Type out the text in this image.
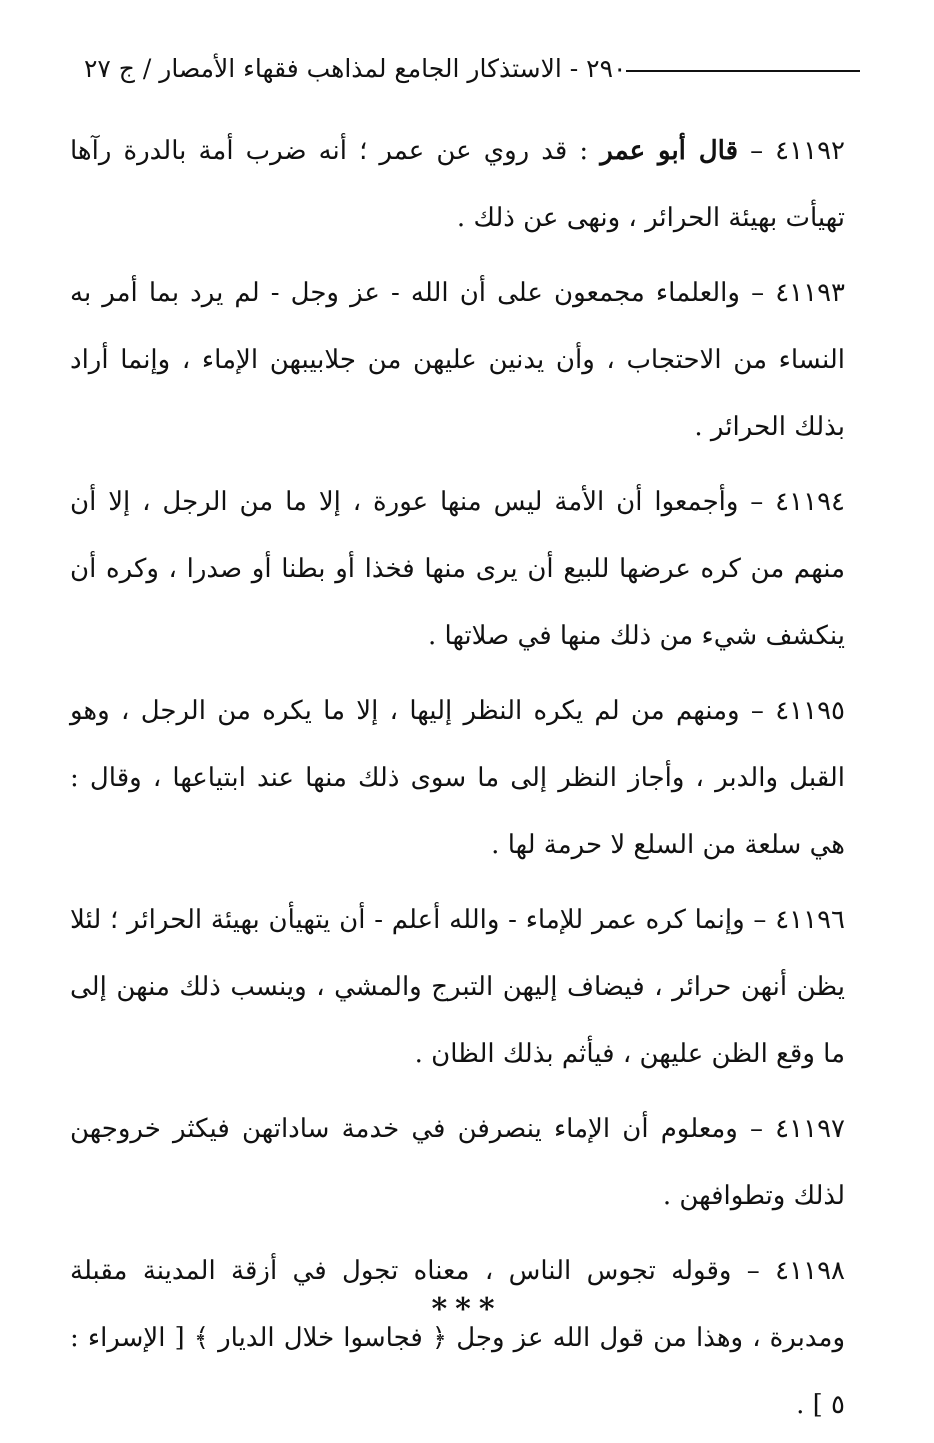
٢٩٠ - الاستذكار الجامع لمذاهب فقهاء الأمصار / ج ٢٧

٤١١٩٢ – قال أبو عمر : قد روي عن عمر ؛ أنه ضرب أمة بالدرة رآها تهيأت بهيئة الحرائر ، ونهى عن ذلك .

٤١١٩٣ – والعلماء مجمعون على أن الله - عز وجل - لم يرد بما أمر به النساء من الاحتجاب ، وأن يدنين عليهن من جلابيبهن الإماء ، وإنما أراد بذلك الحرائر .

٤١١٩٤ – وأجمعوا أن الأمة ليس منها عورة ، إلا ما من الرجل ، إلا أن منهم من كره عرضها للبيع أن يرى منها فخذا أو بطنا أو صدرا ، وكره أن ينكشف شيء من ذلك منها في صلاتها .

٤١١٩٥ – ومنهم من لم يكره النظر إليها ، إلا ما يكره من الرجل ، وهو القبل والدبر ، وأجاز النظر إلى ما سوى ذلك منها عند ابتياعها ، وقال : هي سلعة من السلع لا حرمة لها .

٤١١٩٦ – وإنما كره عمر للإماء - والله أعلم - أن يتهيأن بهيئة الحرائر ؛ لئلا يظن أنهن حرائر ، فيضاف إليهن التبرج والمشي ، وينسب ذلك منهن إلى ما وقع الظن عليهن ، فيأثم بذلك الظان .

٤١١٩٧ – ومعلوم أن الإماء ينصرفن في خدمة ساداتهن فيكثر خروجهن لذلك وتطوافهن .

٤١١٩٨ – وقوله تجوس الناس ، معناه تجول في أزقة المدينة مقبلة ومدبرة ، وهذا من قول الله عز وجل ﴿ فجاسوا خلال الديار ﴾ [ الإسراء : ٥ ] .

***
